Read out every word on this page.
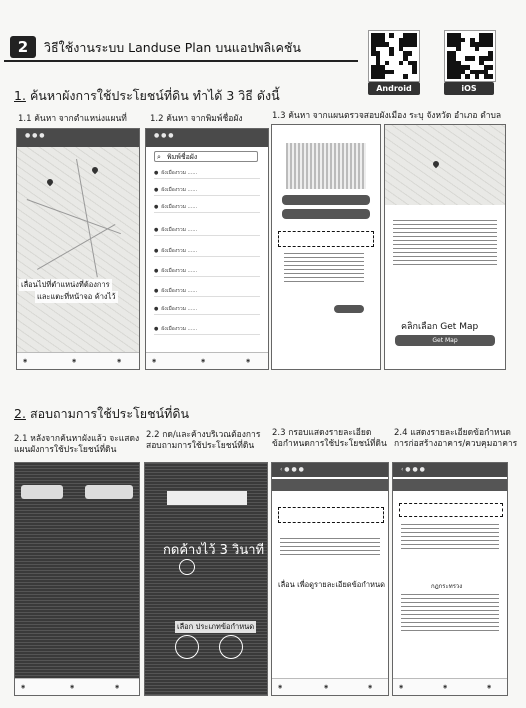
2	วิธีใช้งานระบบ Landuse Plan บนแอปพลิเคชัน
Android	iOS
1. ค้นหาผังการใช้ประโยชน์ที่ดิน ทำได้ 3 วิธี ดังนี้
1.1 ค้นหา จากตำแหน่งแผนที่	1.2 ค้นหา จากพิมพ์ชื่อผัง	1.3 ค้นหา จากแผนตรวจสอบผังเมือง ระบุ จังหวัด อำเภอ ตำบล
● ● ●
เลื่อนไปที่ตำแหน่งที่ต้องการ
และแตะที่หน้าจอ ค้างไว้
◉	◉	◉
● ● ●
⌕ พิมพ์ชื่อผัง
● ผังเมืองรวม ......
● ผังเมืองรวม ......
● ผังเมืองรวม ......
● ผังเมืองรวม ......
● ผังเมืองรวม ......
● ผังเมืองรวม ......
● ผังเมืองรวม ......
● ผังเมืองรวม ......
● ผังเมืองรวม ......
◉	◉	◉
คลิกเลือก Get Map
Get Map
2. สอบถามการใช้ประโยชน์ที่ดิน
2.1 หลังจากค้นหาผังแล้ว จะแสดง
แผนผังการใช้ประโยชน์ที่ดิน
2.2 กด/และค้างบริเวณต้องการ
สอบถามการใช้ประโยชน์ที่ดิน
2.3 กรอบแสดงรายละเอียด
ข้อกำหนดการใช้ประโยชน์ที่ดิน
2.4 แสดงรายละเอียดข้อกำหนด
การก่อสร้างอาคาร/ควบคุมอาคาร
◉	◉	◉
กดค้างไว้ 3 วินาที
เลือก ประเภทข้อกำหนด
‹ ● ● ●
เลื่อน เพื่อดูรายละเอียดข้อกำหนด
◉	◉	◉
‹ ● ● ●
กฎกระทรวง
◉	◉	◉
